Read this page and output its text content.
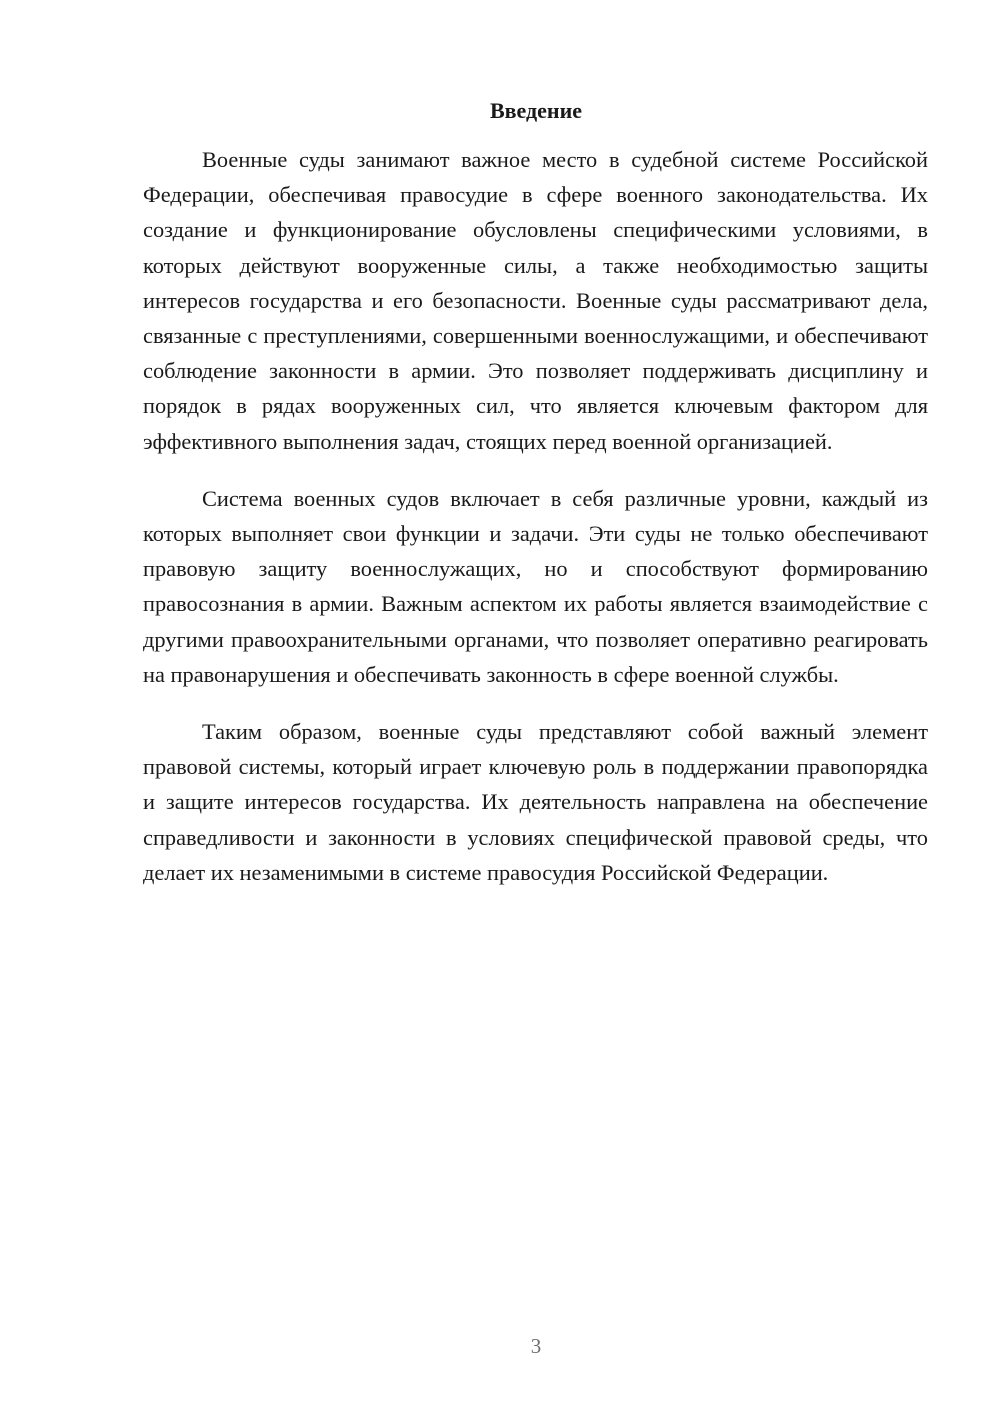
Введение

Военные суды занимают важное место в судебной системе Российской Федерации, обеспечивая правосудие в сфере военного законодательства. Их создание и функционирование обусловлены специфическими условиями, в которых действуют вооруженные силы, а также необходимостью защиты интересов государства и его безопасности. Военные суды рассматривают дела, связанные с преступлениями, совершенными военнослужащими, и обеспечивают соблюдение законности в армии. Это позволяет поддерживать дисциплину и порядок в рядах вооруженных сил, что является ключевым фактором для эффективного выполнения задач, стоящих перед военной организацией.

Система военных судов включает в себя различные уровни, каждый из которых выполняет свои функции и задачи. Эти суды не только обеспечивают правовую защиту военнослужащих, но и способствуют формированию правосознания в армии. Важным аспектом их работы является взаимодействие с другими правоохранительными органами, что позволяет оперативно реагировать на правонарушения и обеспечивать законность в сфере военной службы.

Таким образом, военные суды представляют собой важный элемент правовой системы, который играет ключевую роль в поддержании правопорядка и защите интересов государства. Их деятельность направлена на обеспечение справедливости и законности в условиях специфической правовой среды, что делает их незаменимыми в системе правосудия Российской Федерации.

3
